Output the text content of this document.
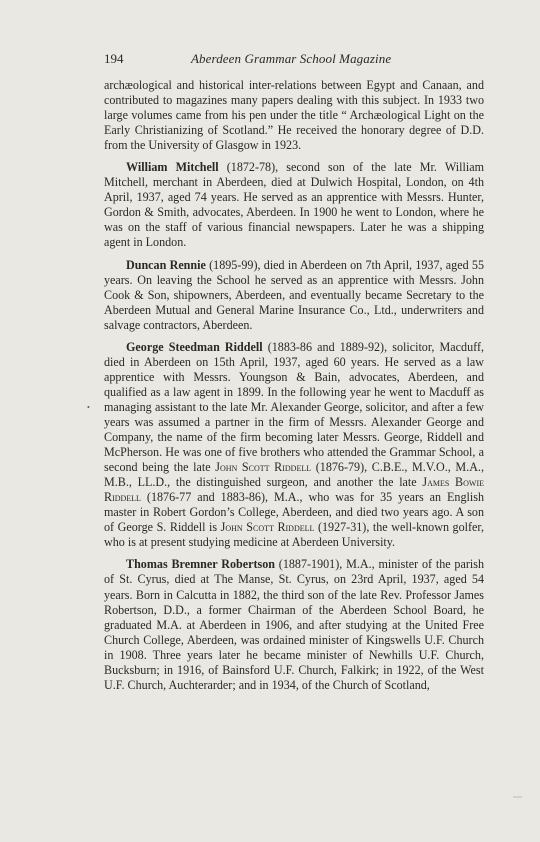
194	Aberdeen Grammar School Magazine
•

archæological and historical inter-relations between Egypt and Canaan, and contributed to magazines many papers dealing with this subject. In 1933 two large volumes came from his pen under the title “ Archæological Light on the Early Christianizing of Scotland.” He received the honorary degree of D.D. from the University of Glasgow in 1923.

William Mitchell (1872-78), second son of the late Mr. William Mitchell, merchant in Aberdeen, died at Dulwich Hospital, London, on 4th April, 1937, aged 74 years. He served as an apprentice with Messrs. Hunter, Gordon & Smith, advocates, Aberdeen. In 1900 he went to London, where he was on the staff of various financial newspapers. Later he was a shipping agent in London.

Duncan Rennie (1895-99), died in Aberdeen on 7th April, 1937, aged 55 years. On leaving the School he served as an apprentice with Messrs. John Cook & Son, shipowners, Aberdeen, and eventually became Secretary to the Aberdeen Mutual and General Marine Insurance Co., Ltd., underwriters and salvage contractors, Aberdeen.

George Steedman Riddell (1883-86 and 1889-92), solicitor, Macduff, died in Aberdeen on 15th April, 1937, aged 60 years. He served as a law apprentice with Messrs. Youngson & Bain, advocates, Aberdeen, and qualified as a law agent in 1899. In the following year he went to Macduff as managing assistant to the late Mr. Alexander George, solicitor, and after a few years was assumed a partner in the firm of Messrs. Alexander George and Company, the name of the firm becoming later Messrs. George, Riddell and McPherson. He was one of five brothers who attended the Grammar School, a second being the late John Scott Riddell (1876-79), C.B.E., M.V.O., M.A., M.B., LL.D., the distinguished surgeon, and another the late James Bowie Riddell (1876-77 and 1883-86), M.A., who was for 35 years an English master in Robert Gordon’s College, Aberdeen, and died two years ago. A son of George S. Riddell is John Scott Riddell (1927-31), the well-known golfer, who is at present studying medicine at Aberdeen University.

Thomas Bremner Robertson (1887-1901), M.A., minister of the parish of St. Cyrus, died at The Manse, St. Cyrus, on 23rd April, 1937, aged 54 years. Born in Calcutta in 1882, the third son of the late Rev. Professor James Robertson, D.D., a former Chairman of the Aberdeen School Board, he graduated M.A. at Aberdeen in 1906, and after studying at the United Free Church College, Aberdeen, was ordained minister of Kingswells U.F. Church in 1908. Three years later he became minister of Newhills U.F. Church, Bucksburn; in 1916, of Bainsford U.F. Church, Falkirk; in 1922, of the West U.F. Church, Auchterarder; and in 1934, of the Church of Scotland,
